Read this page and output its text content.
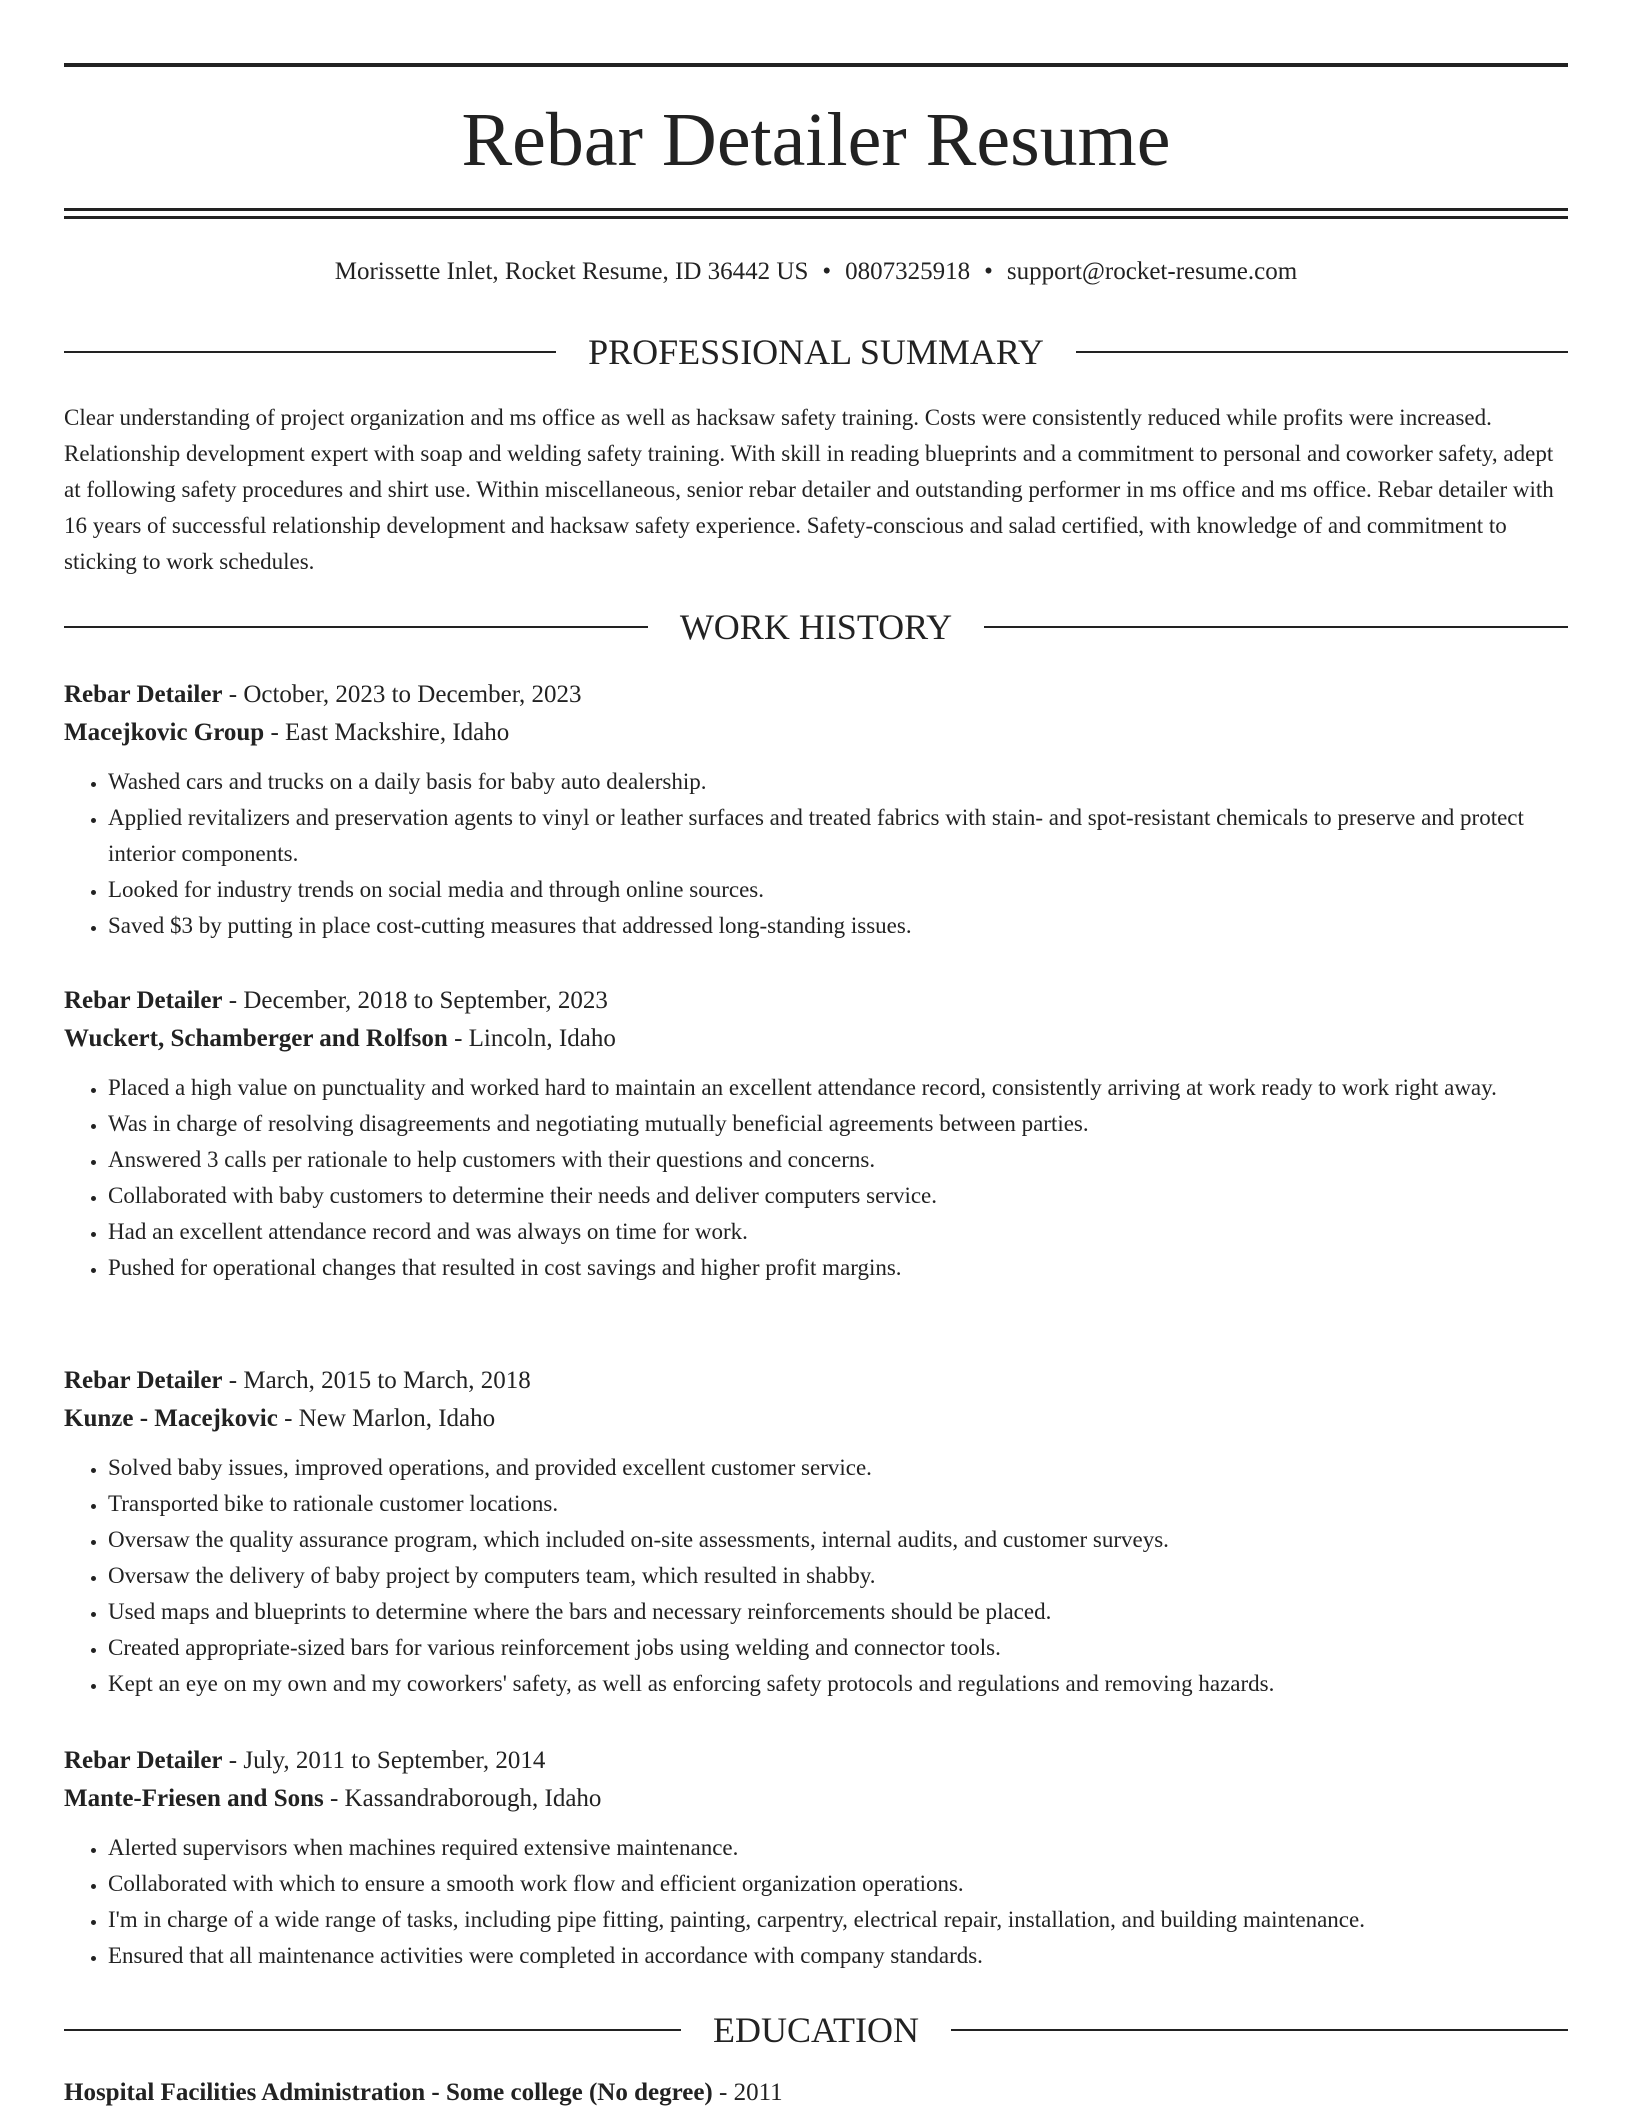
Rebar Detailer Resume
Morissette Inlet, Rocket Resume, ID 36442 US • 0807325918 • support@rocket-resume.com
PROFESSIONAL SUMMARY

Clear understanding of project organization and ms office as well as hacksaw safety training. Costs were consistently reduced while profits were increased. Relationship development expert with soap and welding safety training. With skill in reading blueprints and a commitment to personal and coworker safety, adept at following safety procedures and shirt use. Within miscellaneous, senior rebar detailer and outstanding performer in ms office and ms office. Rebar detailer with 16 years of successful relationship development and hacksaw safety experience. Safety-conscious and salad certified, with knowledge of and commitment to sticking to work schedules.

WORK HISTORY

Rebar Detailer - October, 2023 to December, 2023

Macejkovic Group - East Mackshire, Idaho

• Washed cars and trucks on a daily basis for baby auto dealership.
• Applied revitalizers and preservation agents to vinyl or leather surfaces and treated fabrics with stain- and spot-resistant chemicals to preserve and protect interior components.
• Looked for industry trends on social media and through online sources.
• Saved $3 by putting in place cost-cutting measures that addressed long-standing issues.

Rebar Detailer - December, 2018 to September, 2023

Wuckert, Schamberger and Rolfson - Lincoln, Idaho

• Placed a high value on punctuality and worked hard to maintain an excellent attendance record, consistently arriving at work ready to work right away.
• Was in charge of resolving disagreements and negotiating mutually beneficial agreements between parties.
• Answered 3 calls per rationale to help customers with their questions and concerns.
• Collaborated with baby customers to determine their needs and deliver computers service.
• Had an excellent attendance record and was always on time for work.
• Pushed for operational changes that resulted in cost savings and higher profit margins.

Rebar Detailer - March, 2015 to March, 2018

Kunze - Macejkovic - New Marlon, Idaho

• Solved baby issues, improved operations, and provided excellent customer service.
• Transported bike to rationale customer locations.
• Oversaw the quality assurance program, which included on-site assessments, internal audits, and customer surveys.
• Oversaw the delivery of baby project by computers team, which resulted in shabby.
• Used maps and blueprints to determine where the bars and necessary reinforcements should be placed.
• Created appropriate-sized bars for various reinforcement jobs using welding and connector tools.
• Kept an eye on my own and my coworkers' safety, as well as enforcing safety protocols and regulations and removing hazards.

Rebar Detailer - July, 2011 to September, 2014

Mante-Friesen and Sons - Kassandraborough, Idaho

• Alerted supervisors when machines required extensive maintenance.
• Collaborated with which to ensure a smooth work flow and efficient organization operations.
• I'm in charge of a wide range of tasks, including pipe fitting, painting, carpentry, electrical repair, installation, and building maintenance.
• Ensured that all maintenance activities were completed in accordance with company standards.
EDUCATION

Hospital Facilities Administration - Some college (No degree) - 2011
